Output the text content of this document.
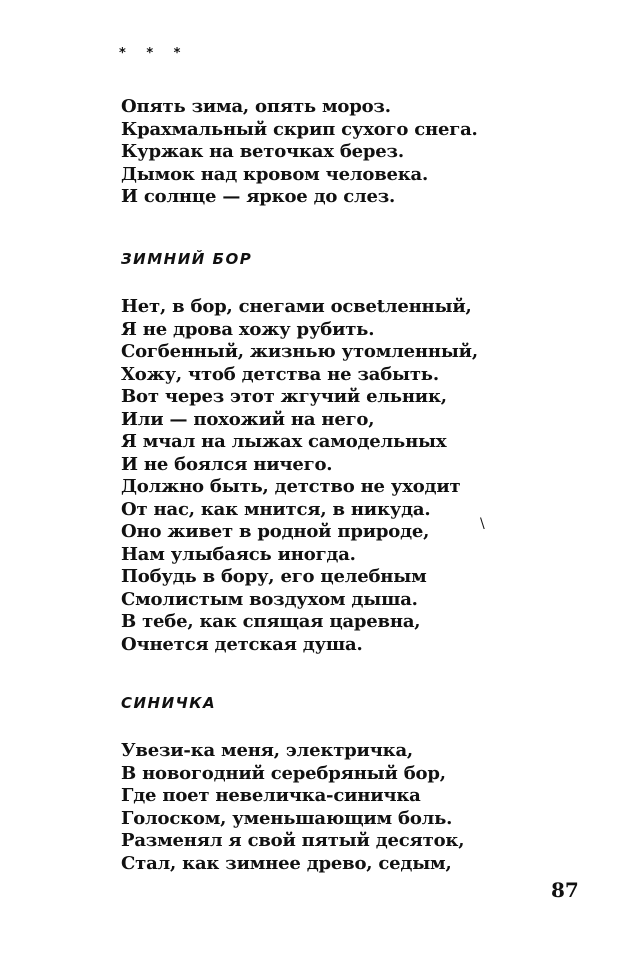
* * *
Опять зима, опять мороз.
Крахмальный скрип сухого снега.
Куржак на веточках берез.
Дымок над кровом человека.
И солнце — яркое до слез.
ЗИМНИЙ БОР
Нет, в бор, снегами освеtленный,
Я не дрова хожу рубить.
Согбенный, жизнью утомленный,
Хожу, чтоб детства не забыть.
Вот через этот жгучий ельник,
Или — похожий на него,
Я мчал на лыжах самодельных
И не боялся ничего.
Должно быть, детство не уходит
От нас, как мнится, в никуда.
Оно живет в родной природе,
Нам улыбаясь иногда.
Побудь в бору, его целебным
Смолистым воздухом дыша.
В тебе, как спящая царевна,
Очнется детская душа.
\
СИНИЧКА
Увези-ка меня, электричка,
В новогодний серебряный бор,
Где поет невеличка-синичка
Голоском, уменьшающим боль.
Разменял я свой пятый десяток,
Стал, как зимнее древо, седым,
87
